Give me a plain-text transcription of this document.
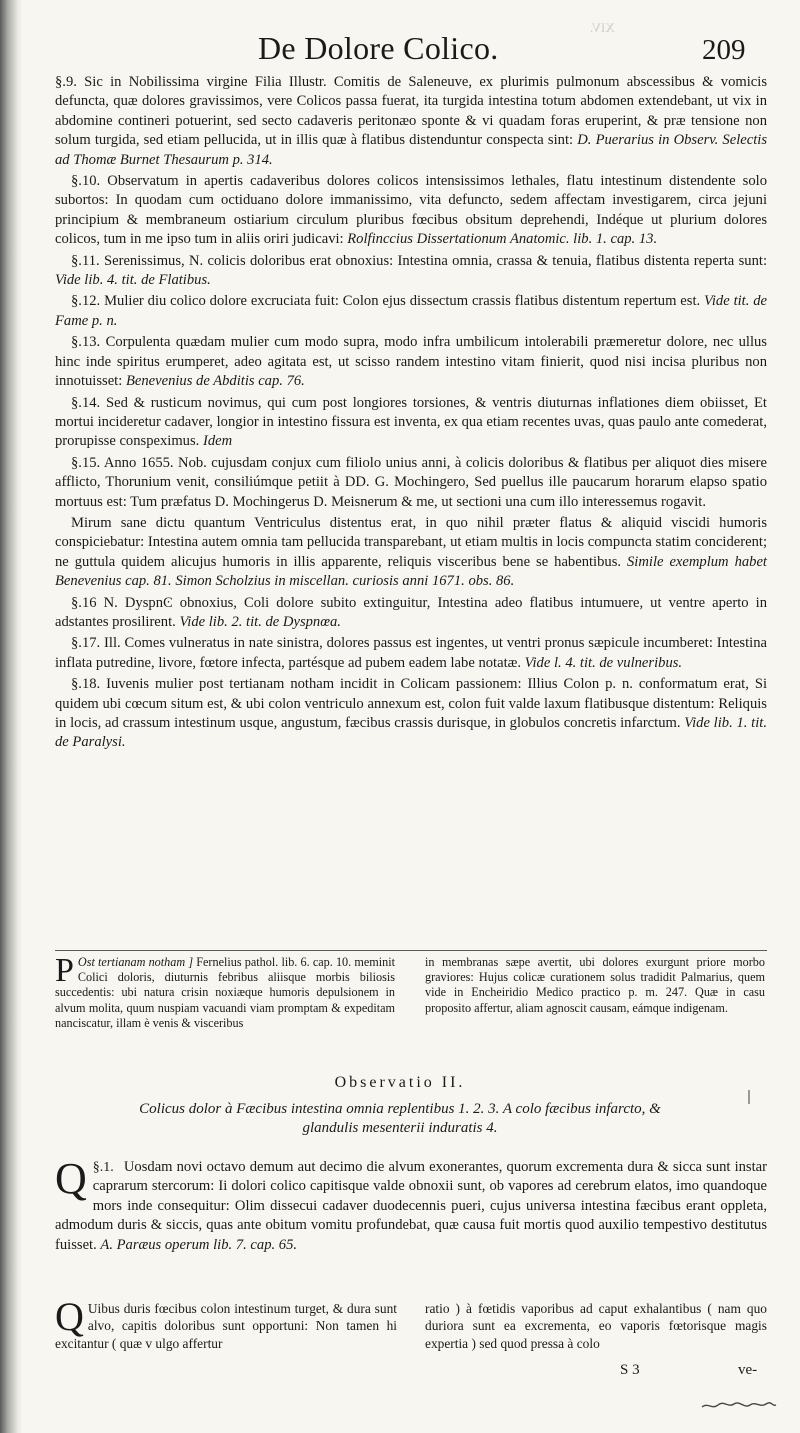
XIV.
De Dolore Colico.	209

§.9. Sic in Nobilissima virgine Filia Illustr. Comitis de Saleneuve, ex plurimis pulmonum abscessibus & vomicis defuncta, quæ dolores gravissimos, vere Colicos passa fuerat, ita turgida intestina totum abdomen extendebant, ut vix in abdomine contineri potuerint, sed secto cadaveris peritonæo sponte & vi quadam foras eruperint, & præ tensione non solum turgida, sed etiam pellucida, ut in illis quæ à flatibus distenduntur conspecta sint: D. Puerarius in Observ. Selectis ad Thomæ Burnet Thesaurum p. 314.

§.10. Observatum in apertis cadaveribus dolores colicos intensissimos lethales, flatu intestinum distendente solo subortos: In quodam cum octiduano dolore immanissimo, vita defuncto, sedem affectam investigarem, circa jejuni principium & membraneum ostiarium circulum pluribus fœcibus obsitum deprehendi, Indéque ut plurium dolores colicos, tum in me ipso tum in aliis oriri judicavi: Rolfinccius Dissertationum Anatomic. lib. 1. cap. 13.

§.11. Serenissimus, N. colicis doloribus erat obnoxius: Intestina omnia, crassa & tenuia, flatibus distenta reperta sunt: Vide lib. 4. tit. de Flatibus.

§.12. Mulier diu colico dolore excruciata fuit: Colon ejus dissectum crassis flatibus distentum repertum est. Vide tit. de Fame p. n.

§.13. Corpulenta quædam mulier cum modo supra, modo infra umbilicum intolerabili præmeretur dolore, nec ullus hinc inde spiritus erumperet, adeo agitata est, ut scisso randem intestino vitam finierit, quod nisi incisa pluribus non innotuisset: Benevenius de Abditis cap. 76.

§.14. Sed & rusticum novimus, qui cum post longiores torsiones, & ventris diuturnas inflationes diem obiisset, Et mortui incideretur cadaver, longior in intestino fissura est inventa, ex qua etiam recentes uvas, quas paulo ante comederat, prorupisse conspeximus. Idem

§.15. Anno 1655. Nob. cujusdam conjux cum filiolo unius anni, à colicis doloribus & flatibus per aliquot dies misere afflicto, Thorunium venit, consiliúmque petiit à DD. G. Mochingero, Sed puellus ille paucarum horarum elapso spatio mortuus est: Tum præfatus D. Mochingerus D. Meisnerum & me, ut sectioni una cum illo interessemus rogavit.

Mirum sane dictu quantum Ventriculus distentus erat, in quo nihil præter flatus & aliquid viscidi humoris conspiciebatur: Intestina autem omnia tam pellucida transparebant, ut etiam multis in locis compuncta statim conciderent; ne guttula quidem alicujus humoris in illis apparente, reliquis visceribus bene se habentibus. Simile exemplum habet Benevenius cap. 81. Simon Scholzius in miscellan. curiosis anni 1671. obs. 86.

§.16 N. DyspnϾ obnoxius, Coli dolore subito extinguitur, Intestina adeo flatibus intumuere, ut ventre aperto in adstantes prosilirent. Vide lib. 2. tit. de Dyspnœa.

§.17. Ill. Comes vulneratus in nate sinistra, dolores passus est ingentes, ut ventri pronus sæpicule incumberet: Intestina inflata putredine, livore, fœtore infecta, partésque ad pubem eadem labe notatæ. Vide l. 4. tit. de vulneribus.

§.18. Iuvenis mulier post tertianam notham incidit in Colicam passionem: Illius Colon p. n. conformatum erat, Si quidem ubi cœcum situm est, & ubi colon ventriculo annexum est, colon fuit valde laxum flatibusque distentum: Reliquis in locis, ad crassum intestinum usque, angustum, fæcibus crassis durisque, in globulos concretis infarctum. Vide lib. 1. tit. de Paralysi.

P Ost tertianam notham ] Fernelius pathol. lib. 6. cap. 10. meminit Colici doloris, diuturnis febribus aliisque morbis biliosis succedentis: ubi natura crisin noxiæque humoris depulsionem in alvum molita, quum nuspiam vacuandi viam promptam & expeditam nanciscatur, illam è venis & visceribus
in membranas sæpe avertit, ubi dolores exurgunt priore morbo graviores: Hujus colicæ curationem solus tradidit Palmarius, quem vide in Encheiridio Medico practico p. m. 247. Quæ in casu proposito affertur, aliam agnoscit causam, eámque indigenam.
Observatio II.
Colicus dolor à Fæcibus intestina omnia replentibus 1. 2. 3. A colo fæcibus infarcto, & glandulis mesenterii induratis 4.
§.1.
Q	Uosdam novi octavo demum aut decimo die alvum exonerantes, quorum excrementa dura & sicca sunt instar caprarum stercorum: Ii dolori colico capitisque valde obnoxii sunt, ob vapores ad cerebrum elatos, imo quandoque mors inde consequitur: Olim dissecui cadaver duodecennis pueri, cujus universa intestina fæcibus erant oppleta, admodum duris & siccis, quas ante obitum vomitu profundebat, quæ causa fuit mortis quod auxilio tempestivo destitutus fuisset. A. Paræus operum lib. 7. cap. 65.
Q Uibus duris fœcibus colon intestinum turget, & dura sunt alvo, capitis doloribus sunt opportuni: Non tamen hi excitantur ( quæ v ulgo affertur
ratio ) à fœtidis vaporibus ad caput exhalantibus ( nam quo duriora sunt ea excrementa, eo vaporis fœtorisque magis expertia ) sed quod pressa à colo
S 3	ve-
